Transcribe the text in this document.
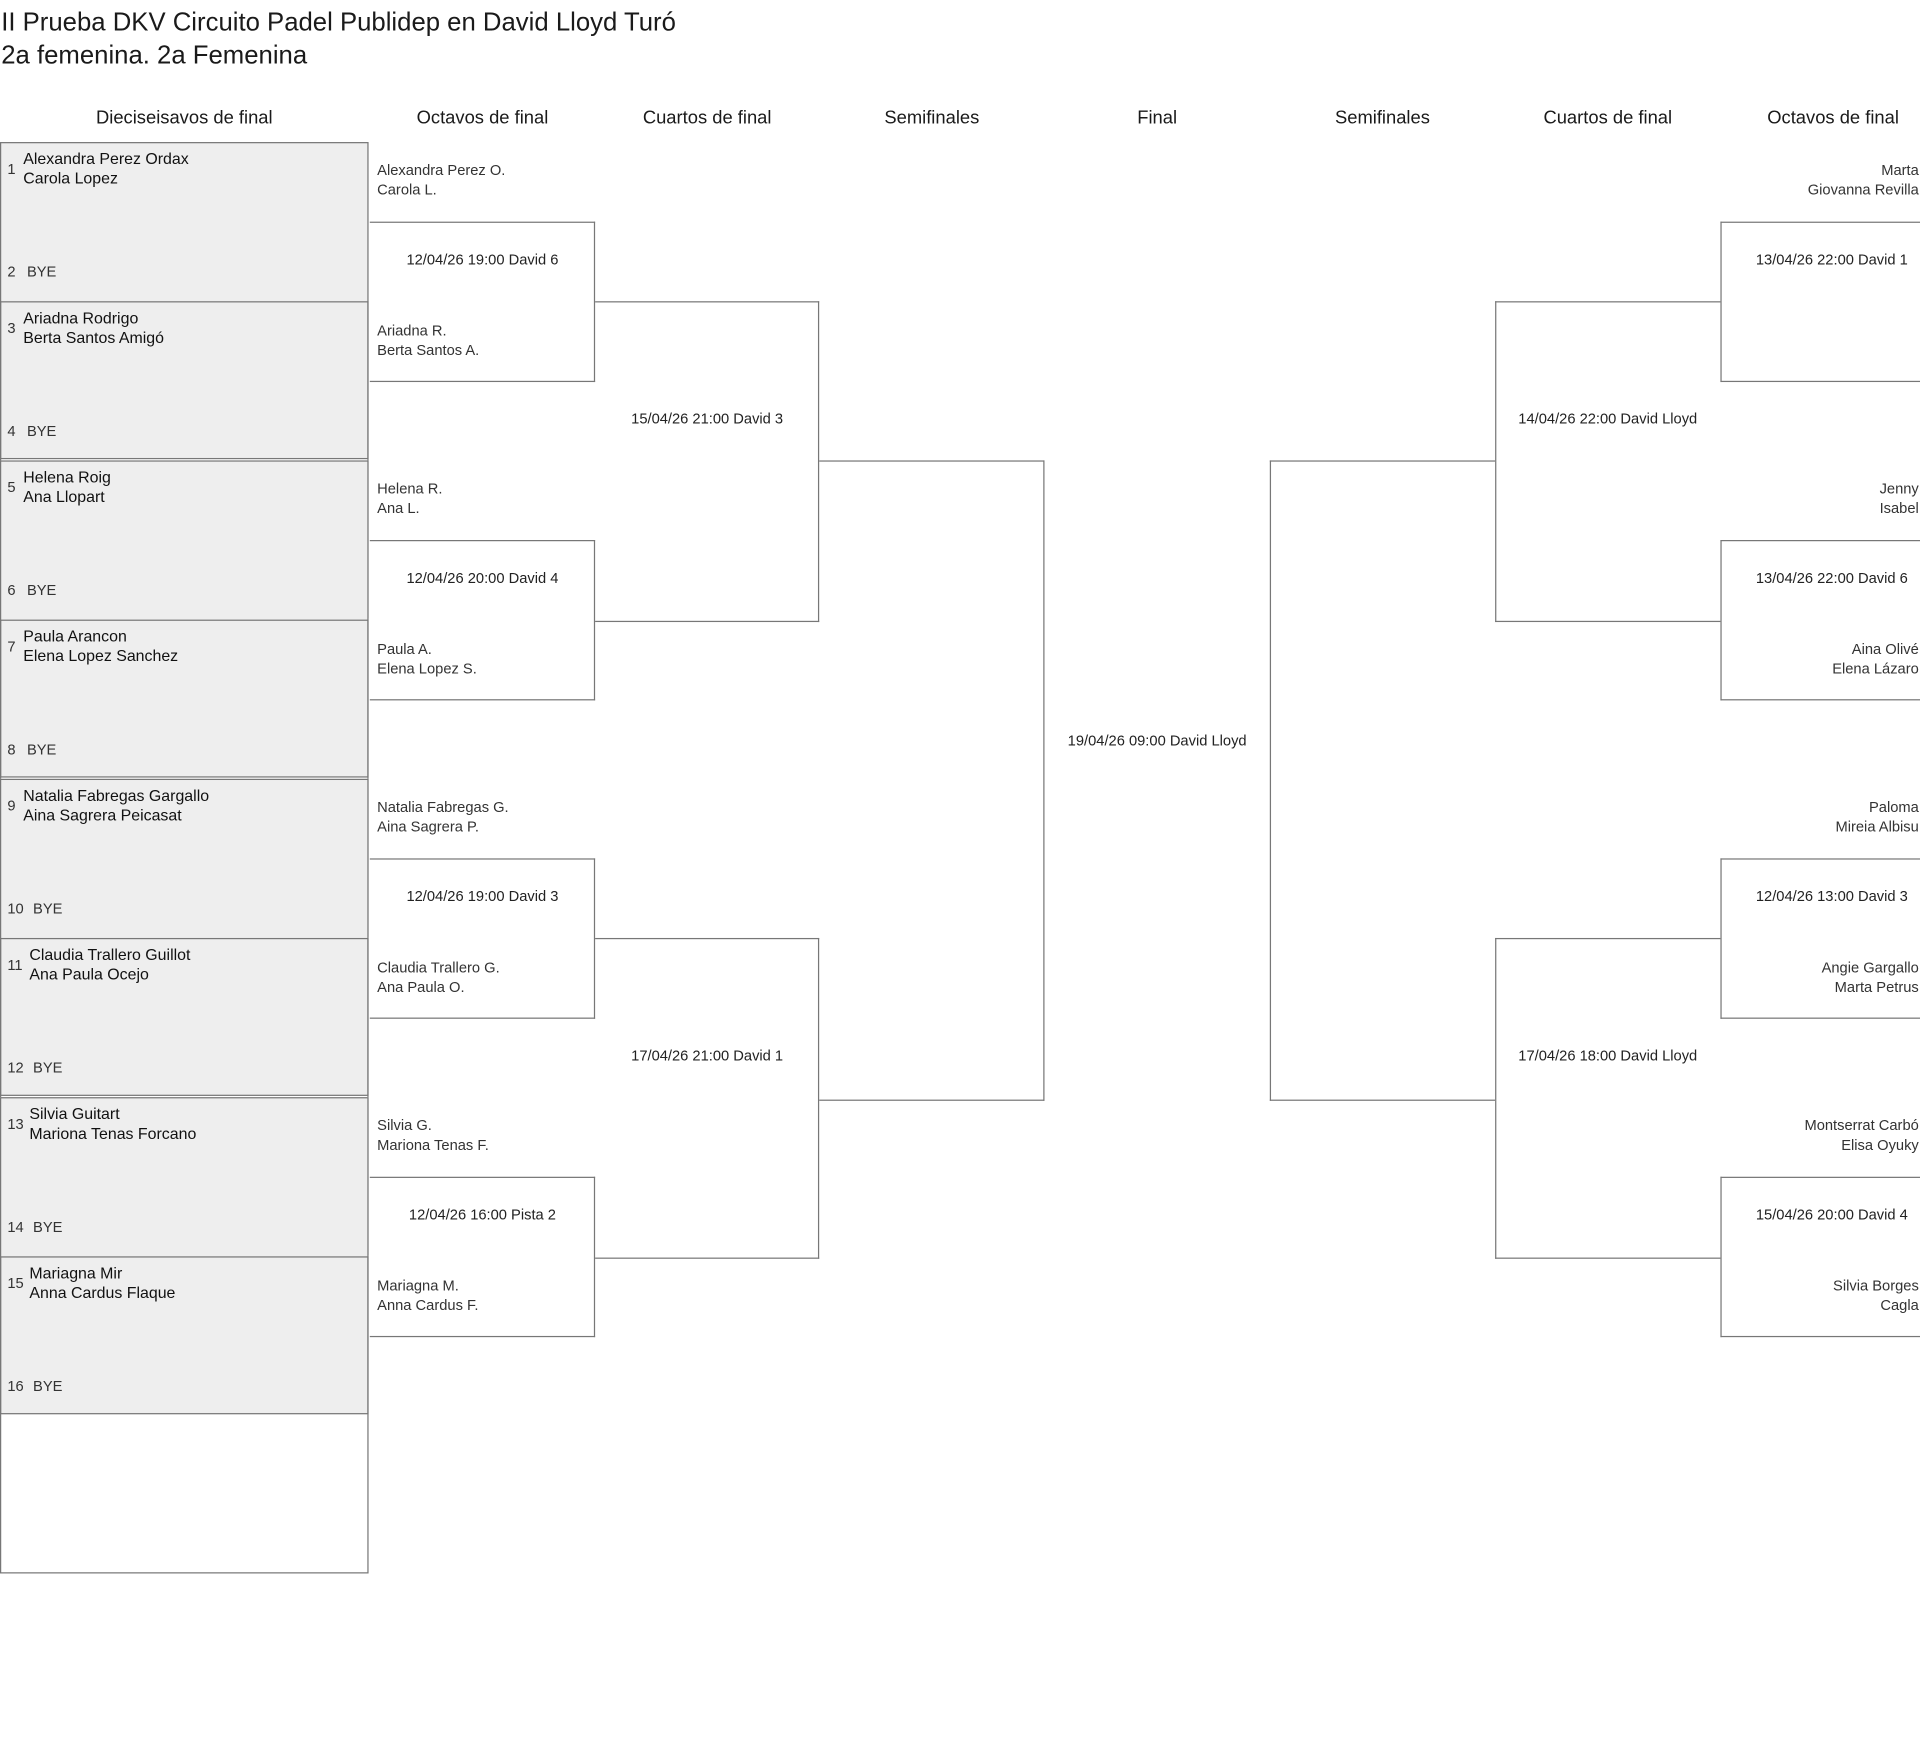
II Prueba DKV Circuito Padel Publidep en David Lloyd Turó
2a femenina. 2a Femenina
Dieciseisavos de final	Octavos de final	Cuartos de final	Semifinales	Final	Semifinales	Cuartos de final	Octavos de final
1
Alexandra Perez Ordax
Carola Lopez
2 BYE
3
Ariadna Rodrigo
Berta Santos Amigó
4 BYE
5
Helena Roig
Ana Llopart
6 BYE
7
Paula Arancon
Elena Lopez Sanchez
8 BYE
9
Natalia Fabregas Gargallo
Aina Sagrera Peicasat
10 BYE
11
Claudia Trallero Guillot
Ana Paula Ocejo
12 BYE
13
Silvia Guitart
Mariona Tenas Forcano
14 BYE
15
Mariagna Mir
Anna Cardus Flaque
16 BYE
Alexandra Perez O.
Carola L.
Ariadna R.
Berta Santos A.
12/04/26 19:00 David 6
Helena R.
Ana L.
Paula A.
Elena Lopez S.
12/04/26 20:00 David 4
Natalia Fabregas G.
Aina Sagrera P.
Claudia Trallero G.
Ana Paula O.
12/04/26 19:00 David 3
Silvia G.
Mariona Tenas F.
Mariagna M.
Anna Cardus F.
12/04/26 16:00 Pista 2
15/04/26 21:00 David 3
17/04/26 21:00 David 1
19/04/26 09:00 David Lloyd
14/04/26 22:00 David Lloyd
17/04/26 18:00 David Lloyd
Marta
Giovanna Revilla
13/04/26 22:00 David 1
Jenny
Isabel
Aina Olivé
Elena Lázaro
13/04/26 22:00 David 6
Paloma
Mireia Albisu
Angie Gargallo
Marta Petrus
12/04/26 13:00 David 3
Montserrat Carbó
Elisa Oyuky
Silvia Borges
Cagla
15/04/26 20:00 David 4
